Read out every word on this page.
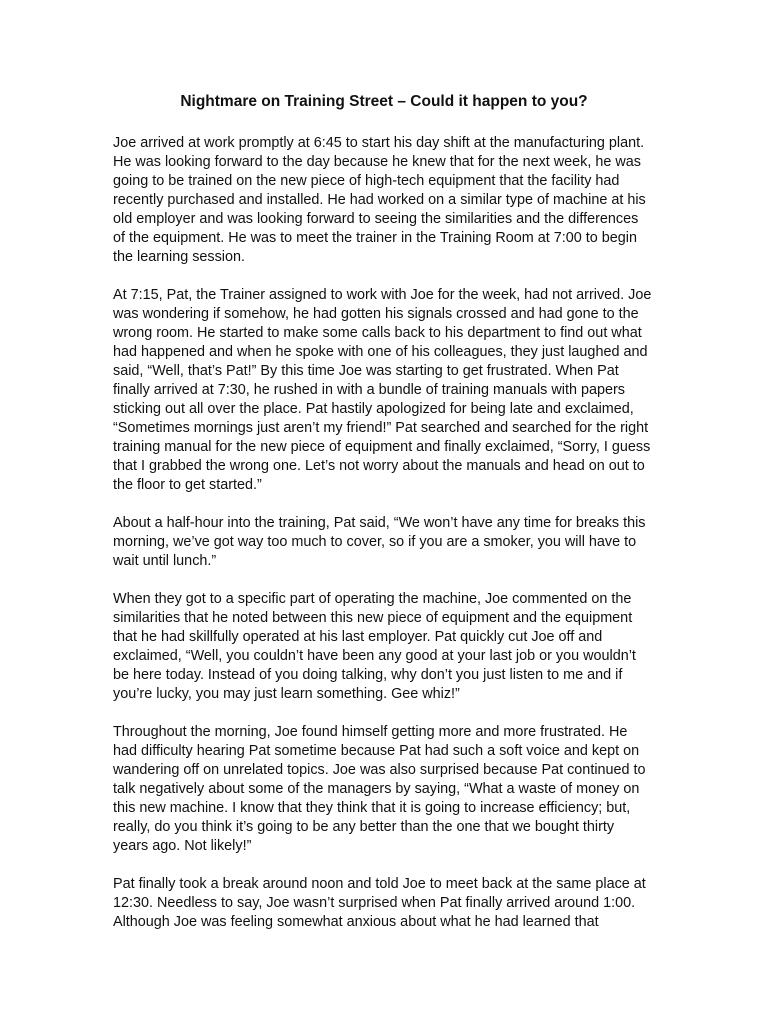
Nightmare on Training Street – Could it happen to you?

Joe arrived at work promptly at 6:45 to start his day shift at the manufacturing plant.
He was looking forward to the day because he knew that for the next week, he was
going to be trained on the new piece of high-tech equipment that the facility had
recently purchased and installed. He had worked on a similar type of machine at his
old employer and was looking forward to seeing the similarities and the differences
of the equipment. He was to meet the trainer in the Training Room at 7:00 to begin
the learning session.

At 7:15, Pat, the Trainer assigned to work with Joe for the week, had not arrived. Joe
was wondering if somehow, he had gotten his signals crossed and had gone to the
wrong room. He started to make some calls back to his department to find out what
had happened and when he spoke with one of his colleagues, they just laughed and
said, “Well, that’s Pat!” By this time Joe was starting to get frustrated. When Pat
finally arrived at 7:30, he rushed in with a bundle of training manuals with papers
sticking out all over the place. Pat hastily apologized for being late and exclaimed,
“Sometimes mornings just aren’t my friend!” Pat searched and searched for the right
training manual for the new piece of equipment and finally exclaimed, “Sorry, I guess
that I grabbed the wrong one. Let’s not worry about the manuals and head on out to
the floor to get started.”

About a half-hour into the training, Pat said, “We won’t have any time for breaks this
morning, we’ve got way too much to cover, so if you are a smoker, you will have to
wait until lunch.”

When they got to a specific part of operating the machine, Joe commented on the
similarities that he noted between this new piece of equipment and the equipment
that he had skillfully operated at his last employer. Pat quickly cut Joe off and
exclaimed, “Well, you couldn’t have been any good at your last job or you wouldn’t
be here today. Instead of you doing talking, why don’t you just listen to me and if
you’re lucky, you may just learn something. Gee whiz!”

Throughout the morning, Joe found himself getting more and more frustrated. He
had difficulty hearing Pat sometime because Pat had such a soft voice and kept on
wandering off on unrelated topics. Joe was also surprised because Pat continued to
talk negatively about some of the managers by saying, “What a waste of money on
this new machine. I know that they think that it is going to increase efficiency; but,
really, do you think it’s going to be any better than the one that we bought thirty
years ago. Not likely!”

Pat finally took a break around noon and told Joe to meet back at the same place at
12:30. Needless to say, Joe wasn’t surprised when Pat finally arrived around 1:00.
Although Joe was feeling somewhat anxious about what he had learned that
